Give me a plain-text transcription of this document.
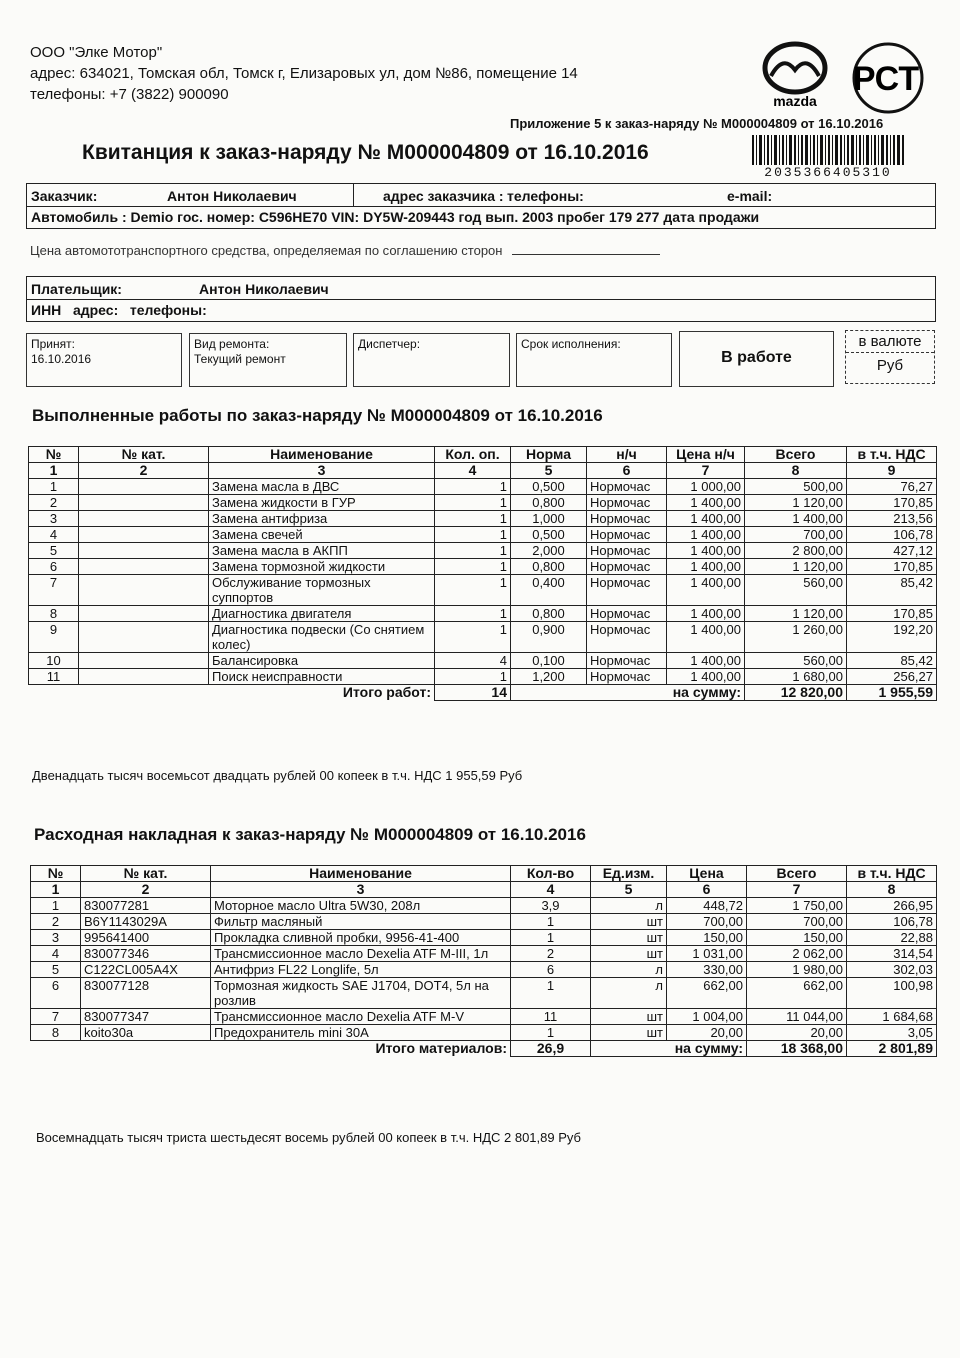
ООО "Элке Мотор"
адрес: 634021, Томская обл, Томск г, Елизаровых ул, дом №86, помещение 14
телефоны: +7 (3822) 900090	mazda
РСТ
Приложение 5 к заказ-наряду № М000004809 от 16.10.2016
Квитанция к заказ-наряду № М000004809 от 16.10.2016
2035366405310
Заказчик:	Антон Николаевич	адрес заказчика : телефоны:	e-mail:
Автомобиль : Demio гос. номер: С596НЕ70 VIN: DY5W-209443 год вып. 2003 пробег 179 277 дата продажи
Цена автомототранспортного средства, определяемая по соглашению сторон
Плательщик:	Антон Николаевич
ИНН   адрес:   телефоны:
Принят:
16.10.2016
Вид ремонта:
Текущий ремонт
Диспетчер:	Срок исполнения:
В работе
в валюте
Руб
Выполненные работы по заказ-наряду № М000004809 от 16.10.2016
№	№ кат.	Наименование	Кол. оп.	Норма	н/ч	Цена н/ч	Всего	в т.ч. НДС
1	2	3	4	5	6	7	8	9
1		Замена масла в ДВС	1	0,500	Нормочас	1 000,00	500,00	76,27
2		Замена жидкости в ГУР	1	0,800	Нормочас	1 400,00	1 120,00	170,85
3		Замена антифриза	1	1,000	Нормочас	1 400,00	1 400,00	213,56
4		Замена свечей	1	0,500	Нормочас	1 400,00	700,00	106,78
5		Замена масла в АКПП	1	2,000	Нормочас	1 400,00	2 800,00	427,12
6		Замена тормозной жидкости	1	0,800	Нормочас	1 400,00	1 120,00	170,85
7		Обслуживание тормозных суппортов	1	0,400	Нормочас	1 400,00	560,00	85,42
8		Диагностика двигателя	1	0,800	Нормочас	1 400,00	1 120,00	170,85
9		Диагностика подвески (Со снятием колес)	1	0,900	Нормочас	1 400,00	1 260,00	192,20
10		Балансировка	4	0,100	Нормочас	1 400,00	560,00	85,42
11		Поиск неисправности	1	1,200	Нормочас	1 400,00	1 680,00	256,27
Итого работ:			14	на сумму:			12 820,00	1 955,59
Двенадцать тысяч восемьсот двадцать рублей 00 копеек в т.ч. НДС 1 955,59 Руб
Расходная накладная к заказ-наряду № М000004809 от 16.10.2016
№	№ кат.	Наименование	Кол-во	Ед.изм.	Цена	Всего	в т.ч. НДС
1	2	3	4	5	6	7	8
1	830077281	Моторное масло Ultra 5W30, 208л	3,9	л	448,72	1 750,00	266,95
2	B6Y1143029A	Фильтр масляный	1	шт	700,00	700,00	106,78
3	995641400	Прокладка сливной пробки, 9956-41-400	1	шт	150,00	150,00	22,88
4	830077346	Трансмиссионное масло Dexelia ATF M-III, 1л	2	шт	1 031,00	2 062,00	314,54
5	C122CL005A4X	Антифриз FL22 Longlife, 5л	6	л	330,00	1 980,00	302,03
6	830077128	Тормозная жидкость SAE J1704, DOT4, 5л на розлив	1	л	662,00	662,00	100,98
7	830077347	Трансмиссионное масло Dexelia ATF M-V	11	шт	1 004,00	11 044,00	1 684,68
8	koito30a	Предохранитель mini 30A	1	шт	20,00	20,00	3,05
Итого материалов:			26,9	на сумму:		18 368,00	2 801,89
Восемнадцать тысяч триста шестьдесят восемь рублей 00 копеек в т.ч. НДС 2 801,89 Руб
